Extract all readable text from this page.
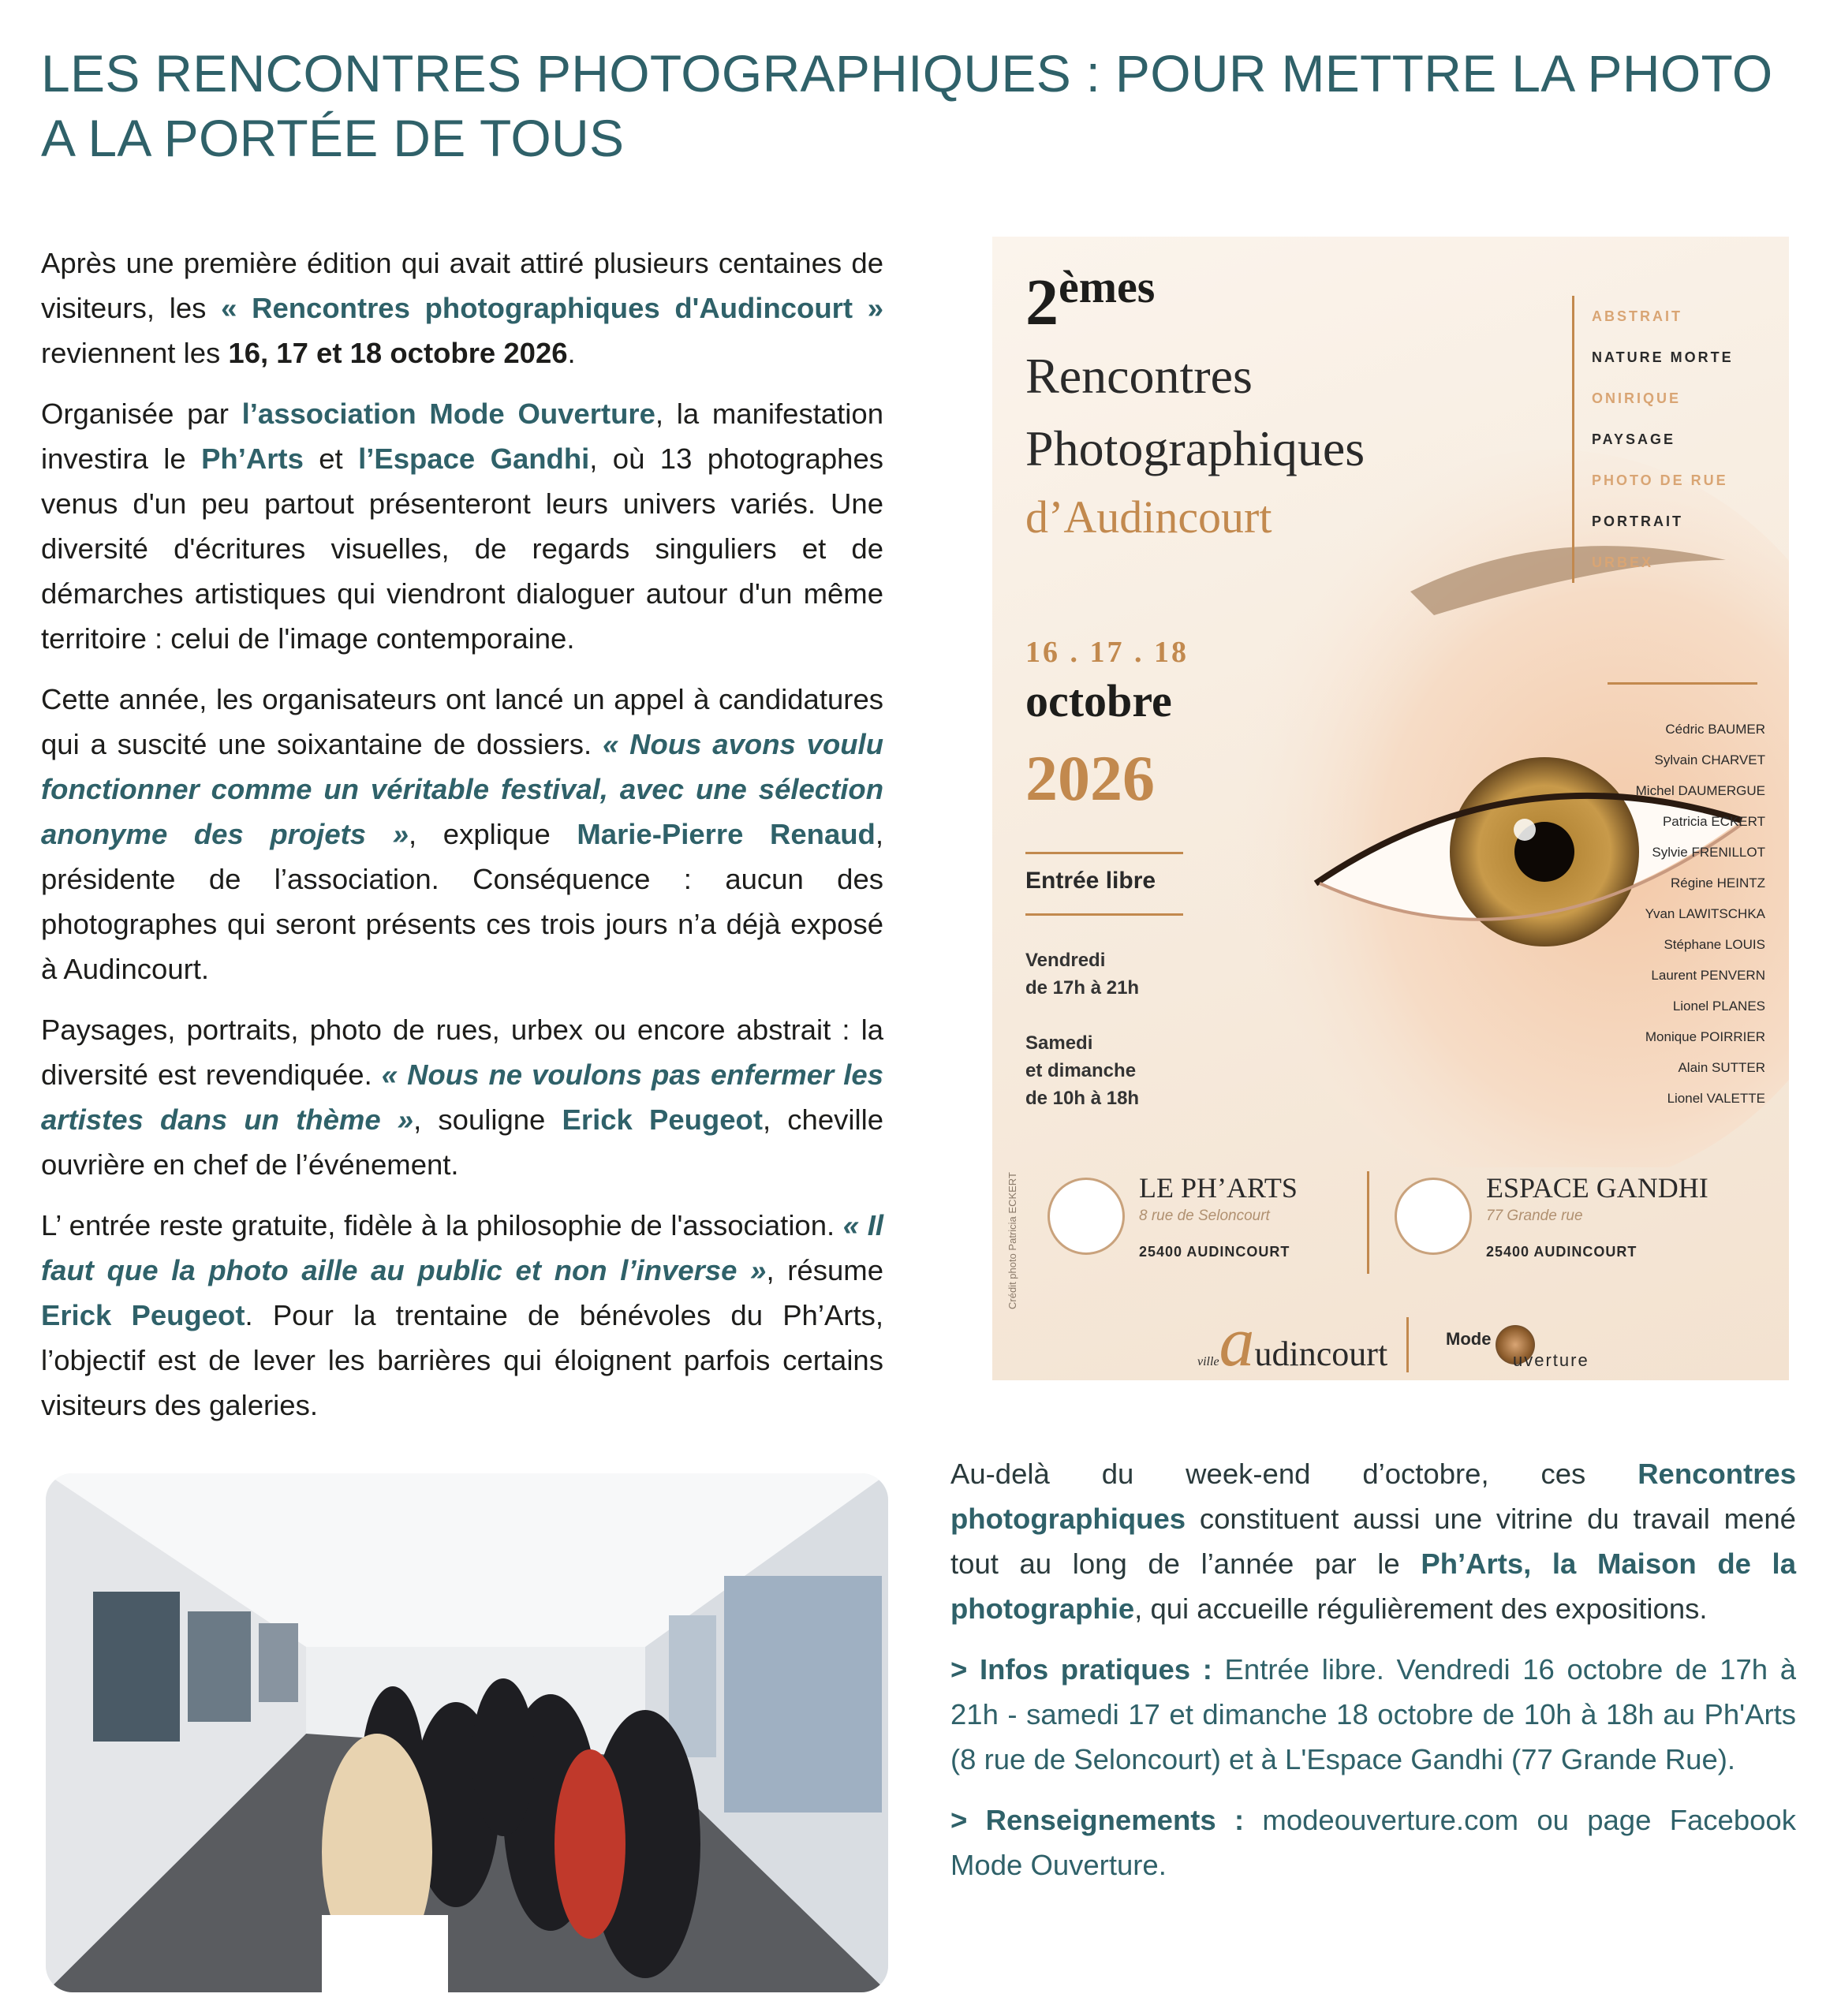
LES RENCONTRES PHOTOGRAPHIQUES : POUR METTRE LA PHOTO A LA PORTÉE DE TOUS

Après une première édition qui avait attiré plusieurs centaines de visiteurs, les « Rencontres photographiques d'Audincourt » reviennent les 16, 17 et 18 octobre 2026.

Organisée par l’association Mode Ouverture, la manifestation investira le Ph’Arts et l’Espace Gandhi, où 13 photographes venus d'un peu partout présenteront leurs univers variés. Une diversité d'écritures visuelles, de regards singuliers et de démarches artistiques qui viendront dialoguer autour d'un même territoire : celui de l'image contemporaine.

Cette année, les organisateurs ont lancé un appel à candidatures qui a suscité une soixantaine de dossiers. « Nous avons voulu fonctionner comme un véritable festival, avec une sélection anonyme des projets », explique Marie-Pierre Renaud, présidente de l’association. Conséquence : aucun des photographes qui seront présents ces trois jours n’a déjà exposé à Audincourt.

Paysages, portraits, photo de rues, urbex ou encore abstrait : la diversité est revendiquée. « Nous ne voulons pas enfermer les artistes dans un thème », souligne Erick Peugeot, cheville ouvrière en chef de l’événement.

L’ entrée reste gratuite, fidèle à la philosophie de l'association. « Il faut que la photo aille au public et non l’inverse », résume Erick Peugeot. Pour la trentaine de bénévoles du Ph’Arts, l’objectif est de lever les barrières qui éloignent parfois certains visiteurs des galeries.

2èmes
Rencontres
Photographiques
d’Audincourt
ABSTRAIT
NATURE MORTE
ONIRIQUE
PAYSAGE
PHOTO DE RUE
PORTRAIT
URBEX
16 . 17 . 18
octobre
2026
Entrée libre
Vendredi
de 17h à 21h

Samedi
et dimanche
de 10h à 18h
Cédric BAUMER
Sylvain CHARVET
Michel DAUMERGUE
Patricia ECKERT
Sylvie FRENILLOT
Régine HEINTZ
Yvan LAWITSCHKA
Stéphane LOUIS
Laurent PENVERN
Lionel PLANES
Monique POIRRIER
Alain SUTTER
Lionel VALETTE
LE PH’ARTS
8 rue de Seloncourt
25400 AUDINCOURT
ESPACE GANDHI
77 Grande rue
25400 AUDINCOURT
Crédit photo Patricia ECKERT
villeaudincourt	Mode
uverture

Au-delà du week-end d’octobre, ces Rencontres photographiques constituent aussi une vitrine du travail mené tout au long de l’année par le Ph’Arts, la Maison de la photographie, qui accueille régulièrement des expositions.

> Infos pratiques : Entrée libre. Vendredi 16 octobre de 17h à 21h - samedi 17 et dimanche 18 octobre de 10h à 18h au Ph'Arts (8 rue de Seloncourt) et à L'Espace Gandhi (77 Grande Rue).

> Renseignements : modeouverture.com ou page Facebook Mode Ouverture.
